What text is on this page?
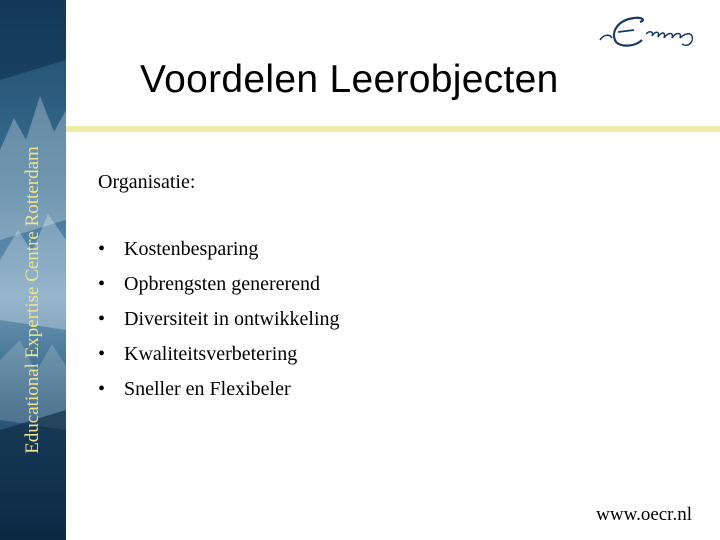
Educational Expertise Centre Rotterdam
Voordelen Leerobjecten

Organisatie:

• Kostenbesparing
• Opbrengsten genererend
• Diversiteit in ontwikkeling
• Kwaliteitsverbetering
• Sneller en Flexibeler
www.oecr.nl
